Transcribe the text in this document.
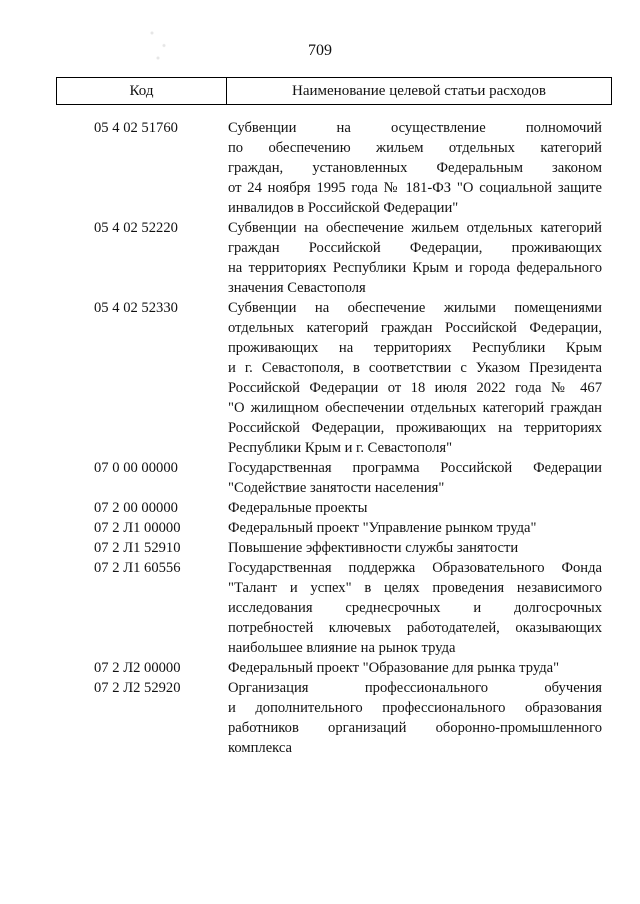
709
Код	Наименование целевой статьи расходов
05 4 02 51760	Субвенции на осуществление полномочий
по обеспечению жильем отдельных категорий
граждан, установленных Федеральным законом
от 24 ноября 1995 года № 181-ФЗ "О социальной защите
инвалидов в Российской Федерации"
05 4 02 52220	Субвенции на обеспечение жильем отдельных категорий
граждан Российской Федерации, проживающих
на территориях Республики Крым и города федерального
значения Севастополя
05 4 02 52330	Субвенции на обеспечение жилыми помещениями
отдельных категорий граждан Российской Федерации,
проживающих на территориях Республики Крым
и г. Севастополя, в соответствии с Указом Президента
Российской Федерации от 18 июля 2022 года № 467
"О жилищном обеспечении отдельных категорий граждан
Российской Федерации, проживающих на территориях
Республики Крым и г. Севастополя"
07 0 00 00000	Государственная программа Российской Федерации
"Содействие занятости населения"
07 2 00 00000	Федеральные проекты
07 2 Л1 00000	Федеральный проект "Управление рынком труда"
07 2 Л1 52910	Повышение эффективности службы занятости
07 2 Л1 60556	Государственная поддержка Образовательного Фонда
"Талант и успех" в целях проведения независимого
исследования среднесрочных и долгосрочных
потребностей ключевых работодателей, оказывающих
наибольшее влияние на рынок труда
07 2 Л2 00000	Федеральный проект "Образование для рынка труда"
07 2 Л2 52920	Организация профессионального обучения
и дополнительного профессионального образования
работников организаций оборонно-промышленного
комплекса
